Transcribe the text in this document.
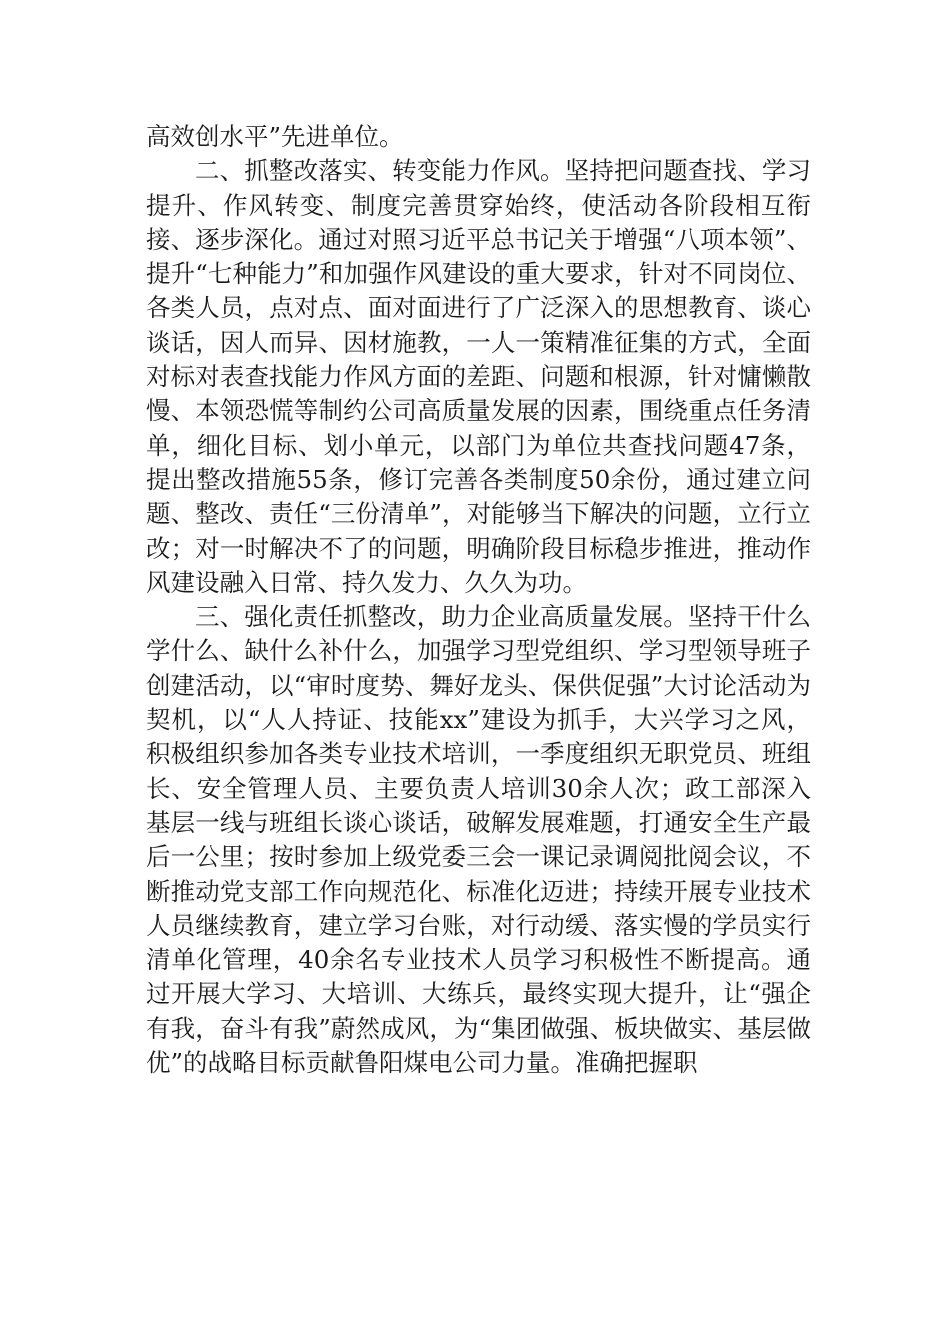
高效创水平”先进单位。

二、抓整改落实、转变能力作风。坚持把问题查找、学习提升、作风转变、制度完善贯穿始终，使活动各阶段相互衔接、逐步深化。通过对照习近平总书记关于增强“八项本领”、提升“七种能力”和加强作风建设的重大要求，针对不同岗位、各类人员，点对点、面对面进行了广泛深入的思想教育、谈心谈话，因人而异、因材施教，一人一策精准征集的方式，全面对标对表查找能力作风方面的差距、问题和根源，针对慵懒散慢、本领恐慌等制约公司高质量发展的因素，围绕重点任务清单，细化目标、划小单元，以部门为单位共查找问题47条，提出整改措施55条，修订完善各类制度50余份，通过建立问题、整改、责任“三份清单”，对能够当下解决的问题，立行立改；对一时解决不了的问题，明确阶段目标稳步推进，推动作风建设融入日常、持久发力、久久为功。

三、强化责任抓整改，助力企业高质量发展。坚持干什么学什么、缺什么补什么，加强学习型党组织、学习型领导班子创建活动，以“审时度势、舞好龙头、保供促强”大讨论活动为契机，以“人人持证、技能xx”建设为抓手，大兴学习之风，积极组织参加各类专业技术培训，一季度组织无职党员、班组长、安全管理人员、主要负责人培训30余人次；政工部深入基层一线与班组长谈心谈话，破解发展难题，打通安全生产最后一公里；按时参加上级党委三会一课记录调阅批阅会议，不断推动党支部工作向规范化、标准化迈进；持续开展专业技术人员继续教育，建立学习台账，对行动缓、落实慢的学员实行清单化管理，40余名专业技术人员学习积极性不断提高。通过开展大学习、大培训、大练兵，最终实现大提升，让“强企有我，奋斗有我”蔚然成风，为“集团做强、板块做实、基层做优”的战略目标贡献鲁阳煤电公司力量。准确把握职
